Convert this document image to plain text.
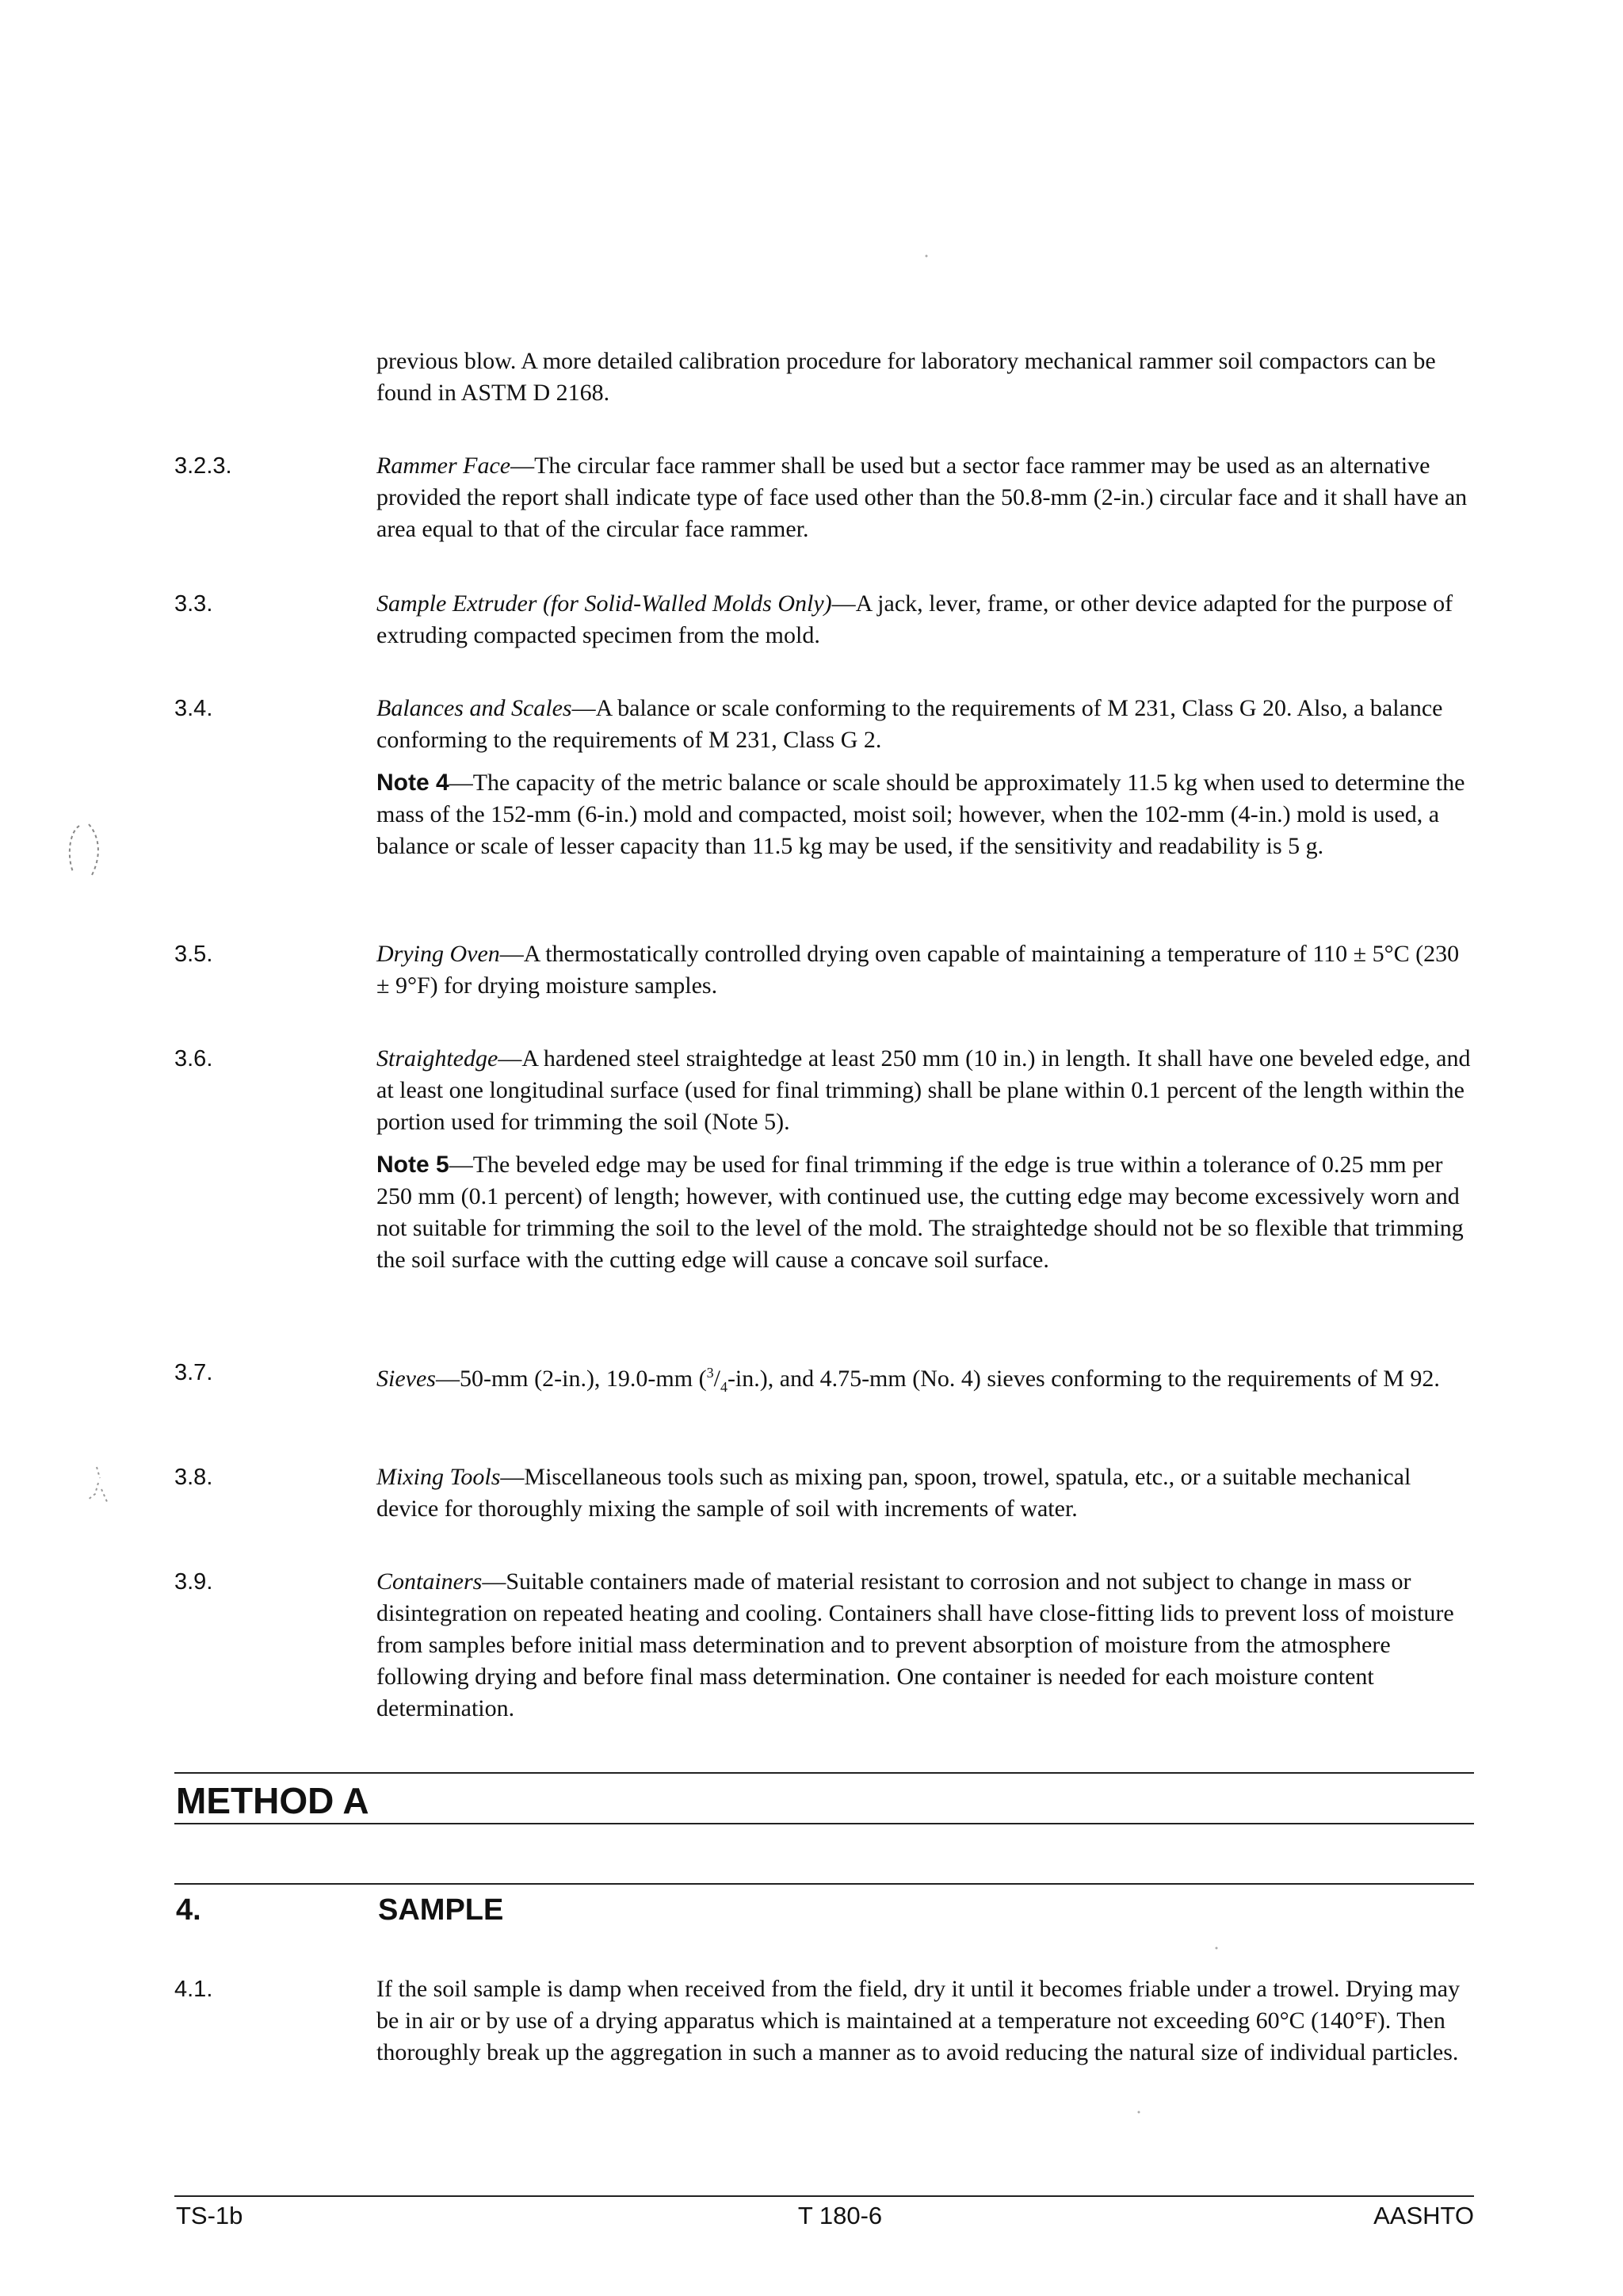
previous blow. A more detailed calibration procedure for laboratory mechanical rammer soil compactors can be found in ASTM D 2168.

3.2.3.	Rammer Face—The circular face rammer shall be used but a sector face rammer may be used as an alternative provided the report shall indicate type of face used other than the 50.8-mm (2-in.) circular face and it shall have an area equal to that of the circular face rammer.

3.3.	Sample Extruder (for Solid-Walled Molds Only)—A jack, lever, frame, or other device adapted for the purpose of extruding compacted specimen from the mold.

3.4.	Balances and Scales—A balance or scale conforming to the requirements of M 231, Class G 20. Also, a balance conforming to the requirements of M 231, Class G 2.

Note 4—The capacity of the metric balance or scale should be approximately 11.5 kg when used to determine the mass of the 152-mm (6-in.) mold and compacted, moist soil; however, when the 102-mm (4-in.) mold is used, a balance or scale of lesser capacity than 11.5 kg may be used, if the sensitivity and readability is 5 g.

3.5.	Drying Oven—A thermostatically controlled drying oven capable of maintaining a temperature of 110 ± 5°C (230 ± 9°F) for drying moisture samples.

3.6.	Straightedge—A hardened steel straightedge at least 250 mm (10 in.) in length. It shall have one beveled edge, and at least one longitudinal surface (used for final trimming) shall be plane within 0.1 percent of the length within the portion used for trimming the soil (Note 5).

Note 5—The beveled edge may be used for final trimming if the edge is true within a tolerance of 0.25 mm per 250 mm (0.1 percent) of length; however, with continued use, the cutting edge may become excessively worn and not suitable for trimming the soil to the level of the mold. The straightedge should not be so flexible that trimming the soil surface with the cutting edge will cause a concave soil surface.

3.7.	Sieves—50-mm (2-in.), 19.0-mm $(^3/_4-in.)$, and 4.75-mm (No. 4) sieves conforming to the requirements of M 92.

3.8.	Mixing Tools—Miscellaneous tools such as mixing pan, spoon, trowel, spatula, etc., or a suitable mechanical device for thoroughly mixing the sample of soil with increments of water.

3.9.	Containers—Suitable containers made of material resistant to corrosion and not subject to change in mass or disintegration on repeated heating and cooling. Containers shall have close-fitting lids to prevent loss of moisture from samples before initial mass determination and to prevent absorption of moisture from the atmosphere following drying and before final mass determination. One container is needed for each moisture content determination.

METHOD A
4.	SAMPLE
4.1.	If the soil sample is damp when received from the field, dry it until it becomes friable under a trowel. Drying may be in air or by use of a drying apparatus which is maintained at a temperature not exceeding 60°C (140°F). Then thoroughly break up the aggregation in such a manner as to avoid reducing the natural size of individual particles.

TS-1b	T 180-6	AASHTO
